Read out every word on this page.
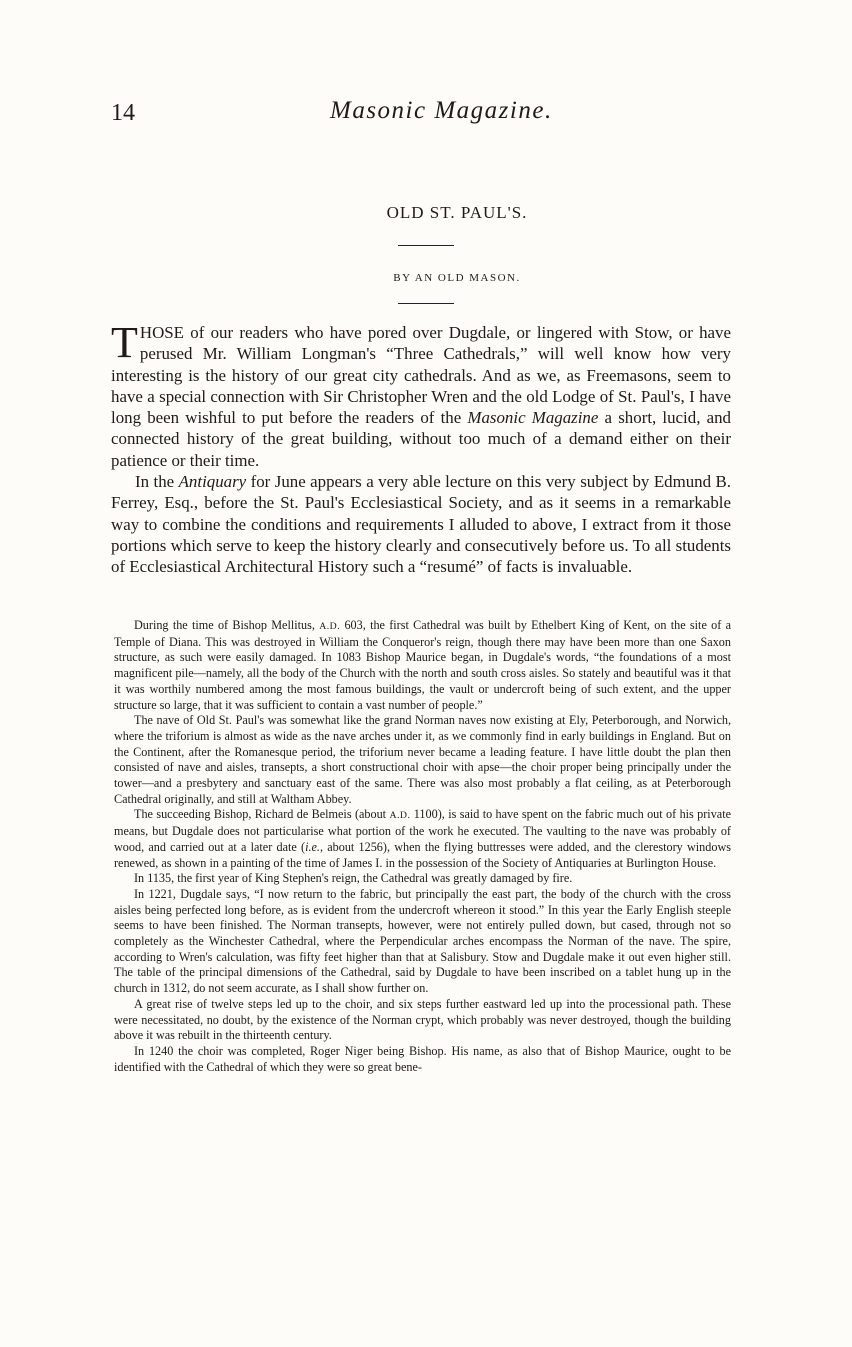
14	Masonic Magazine.
OLD ST. PAUL'S.
BY AN OLD MASON.

THOSE of our readers who have pored over Dugdale, or lingered with Stow, or have perused Mr. William Longman's “Three Cathedrals,” will well know how very interesting is the history of our great city cathedrals. And as we, as Freemasons, seem to have a special connection with Sir Christopher Wren and the old Lodge of St. Paul's, I have long been wishful to put before the readers of the Masonic Magazine a short, lucid, and connected history of the great building, without too much of a demand either on their patience or their time.

In the Antiquary for June appears a very able lecture on this very subject by Edmund B. Ferrey, Esq., before the St. Paul's Ecclesiastical Society, and as it seems in a remarkable way to combine the conditions and requirements I alluded to above, I extract from it those portions which serve to keep the history clearly and consecutively before us. To all students of Ecclesiastical Architectural History such a “resumé” of facts is invaluable.

During the time of Bishop Mellitus, A.D. 603, the first Cathedral was built by Ethelbert King of Kent, on the site of a Temple of Diana. This was destroyed in William the Conqueror's reign, though there may have been more than one Saxon structure, as such were easily damaged. In 1083 Bishop Maurice began, in Dugdale's words, “the foundations of a most magnificent pile—namely, all the body of the Church with the north and south cross aisles. So stately and beautiful was it that it was worthily numbered among the most famous buildings, the vault or undercroft being of such extent, and the upper structure so large, that it was sufficient to contain a vast number of people.”

The nave of Old St. Paul's was somewhat like the grand Norman naves now existing at Ely, Peterborough, and Norwich, where the triforium is almost as wide as the nave arches under it, as we commonly find in early buildings in England. But on the Continent, after the Romanesque period, the triforium never became a leading feature. I have little doubt the plan then consisted of nave and aisles, transepts, a short constructional choir with apse—the choir proper being principally under the tower—and a presbytery and sanctuary east of the same. There was also most probably a flat ceiling, as at Peterborough Cathedral originally, and still at Waltham Abbey.

The succeeding Bishop, Richard de Belmeis (about A.D. 1100), is said to have spent on the fabric much out of his private means, but Dugdale does not particularise what portion of the work he executed. The vaulting to the nave was probably of wood, and carried out at a later date (i.e., about 1256), when the flying buttresses were added, and the clerestory windows renewed, as shown in a painting of the time of James I. in the possession of the Society of Antiquaries at Burlington House.

In 1135, the first year of King Stephen's reign, the Cathedral was greatly damaged by fire.

In 1221, Dugdale says, “I now return to the fabric, but principally the east part, the body of the church with the cross aisles being perfected long before, as is evident from the undercroft whereon it stood.” In this year the Early English steeple seems to have been finished. The Norman transepts, however, were not entirely pulled down, but cased, through not so completely as the Winchester Cathedral, where the Perpendicular arches encompass the Norman of the nave. The spire, according to Wren's calculation, was fifty feet higher than that at Salisbury. Stow and Dugdale make it out even higher still. The table of the principal dimensions of the Cathedral, said by Dugdale to have been inscribed on a tablet hung up in the church in 1312, do not seem accurate, as I shall show further on.

A great rise of twelve steps led up to the choir, and six steps further eastward led up into the processional path. These were necessitated, no doubt, by the existence of the Norman crypt, which probably was never destroyed, though the building above it was rebuilt in the thirteenth century.

In 1240 the choir was completed, Roger Niger being Bishop. His name, as also that of Bishop Maurice, ought to be identified with the Cathedral of which they were so great bene-
